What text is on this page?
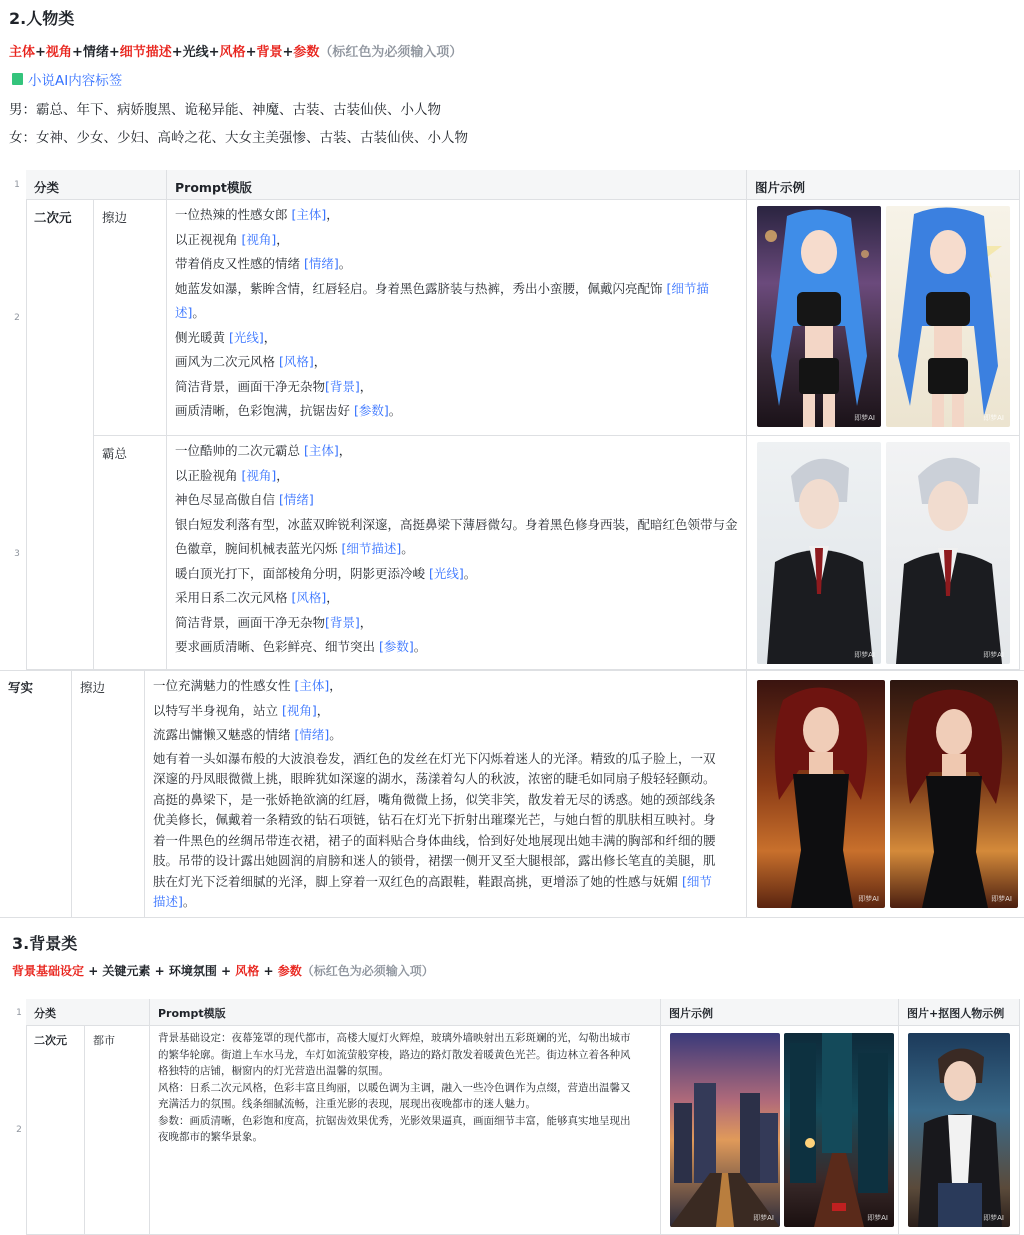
2.人物类
主体+视角+情绪+细节描述+光线+风格+背景+参数（标红色为必须输入项）
小说AI内容标签
男：霸总、年下、病娇腹黑、诡秘异能、神魔、古装、古装仙侠、小人物
女：女神、少女、少妇、高岭之花、大女主美强惨、古装、古装仙侠、小人物
1
2
3
分类	Prompt模版	图片示例
二次元	擦边	一位热辣的性感女郎 [主体]，
以正视视角 [视角]，
带着俏皮又性感的情绪 [情绪]。
她蓝发如瀑，紫眸含情，红唇轻启。身着黑色露脐装与热裤，秀出小蛮腰，佩戴闪亮配饰 [细节描述]。
侧光暖黄 [光线]，
画风为二次元风格 [风格]，
简洁背景，画面干净无杂物[背景]，
画质清晰，色彩饱满，抗锯齿好 [参数]。	即梦AI	即梦AI
霸总	一位酷帅的二次元霸总 [主体]，
以正脸视角 [视角]，
神色尽显高傲自信 [情绪]
银白短发利落有型，冰蓝双眸锐利深邃，高挺鼻梁下薄唇微勾。身着黑色修身西装，配暗红色领带与金
色徽章，腕间机械表蓝光闪烁 [细节描述]。
暖白顶光打下，面部棱角分明，阴影更添冷峻 [光线]。
采用日系二次元风格 [风格]，
简洁背景，画面干净无杂物[背景]，
要求画质清晰、色彩鲜亮、细节突出 [参数]。
即梦AI	即梦AI
写实	擦边	一位充满魅力的性感女性 [主体]，
以特写半身视角，站立 [视角]，
流露出慵懒又魅惑的情绪 [情绪]。
她有着一头如瀑布般的大波浪卷发，酒红色的发丝在灯光下闪烁着迷人的光泽。精致的瓜子脸上，一双
深邃的丹凤眼微微上挑，眼眸犹如深邃的湖水，荡漾着勾人的秋波，浓密的睫毛如同扇子般轻轻颤动。
高挺的鼻梁下，是一张娇艳欲滴的红唇，嘴角微微上扬，似笑非笑，散发着无尽的诱惑。她的颈部线条
优美修长，佩戴着一条精致的钻石项链，钻石在灯光下折射出璀璨光芒，与她白皙的肌肤相互映衬。身
着一件黑色的丝绸吊带连衣裙，裙子的面料贴合身体曲线，恰到好处地展现出她丰满的胸部和纤细的腰
肢。吊带的设计露出她圆润的肩膀和迷人的锁骨，裙摆一侧开叉至大腿根部，露出修长笔直的美腿，肌
肤在灯光下泛着细腻的光泽，脚上穿着一双红色的高跟鞋，鞋跟高挑，更增添了她的性感与妩媚 [细节
描述]。	即梦AI	即梦AI
3.背景类
背景基础设定 + 关键元素 + 环境氛围 + 风格 + 参数（标红色为必须输入项）
1
2
分类	Prompt模版	图片示例	图片+抠图人物示例
二次元	都市	背景基础设定：夜幕笼罩的现代都市，高楼大厦灯火辉煌，玻璃外墙映射出五彩斑斓的光，勾勒出城市
的繁华轮廓。街道上车水马龙，车灯如流萤般穿梭，路边的路灯散发着暖黄色光芒。街边林立着各种风
格独特的店铺，橱窗内的灯光营造出温馨的氛围。
风格：日系二次元风格，色彩丰富且绚丽，以暖色调为主调，融入一些冷色调作为点缀，营造出温馨又
充满活力的氛围。线条细腻流畅，注重光影的表现，展现出夜晚都市的迷人魅力。
参数：画质清晰，色彩饱和度高，抗锯齿效果优秀，光影效果逼真，画面细节丰富，能够真实地呈现出
夜晚都市的繁华景象。
即梦AI	即梦AI	即梦AI
